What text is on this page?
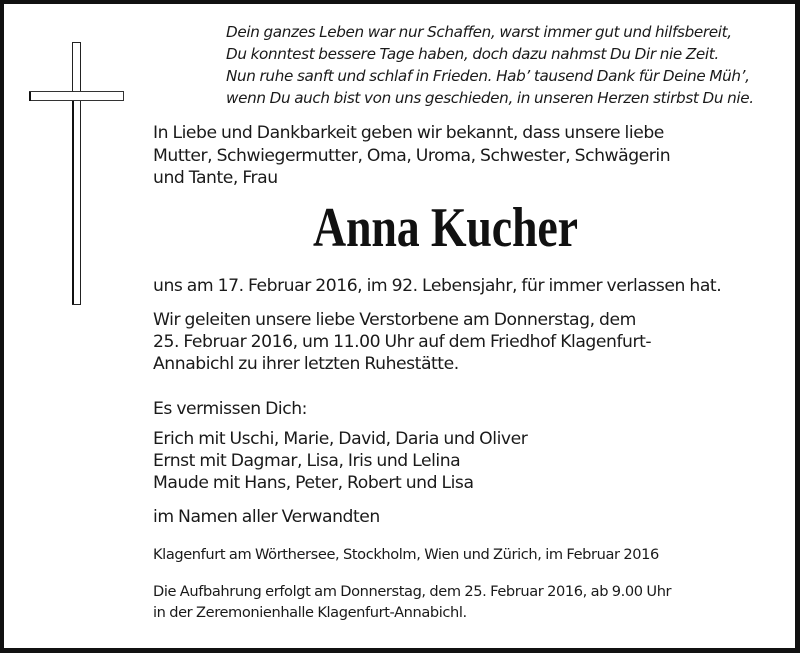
Dein ganzes Leben war nur Schaffen, warst immer gut und hilfsbereit,
Du konntest bessere Tage haben, doch dazu nahmst Du Dir nie Zeit.
Nun ruhe sanft und schlaf in Frieden. Hab’ tausend Dank für Deine Müh’,
wenn Du auch bist von uns geschieden, in unseren Herzen stirbst Du nie.
In Liebe und Dankbarkeit geben wir bekannt, dass unsere liebe
Mutter, Schwiegermutter, Oma, Uroma, Schwester, Schwägerin
und Tante, Frau
Anna Kucher
uns am 17. Februar 2016, im 92. Lebensjahr, für immer verlassen hat.
Wir geleiten unsere liebe Verstorbene am Donnerstag, dem
25. Februar 2016, um 11.00 Uhr auf dem Friedhof Klagenfurt-
Annabichl zu ihrer letzten Ruhestätte.
Es vermissen Dich:
Erich mit Uschi, Marie, David, Daria und Oliver
Ernst mit Dagmar, Lisa, Iris und Lelina
Maude mit Hans, Peter, Robert und Lisa
im Namen aller Verwandten
Klagenfurt am Wörthersee, Stockholm, Wien und Zürich, im Februar 2016
Die Aufbahrung erfolgt am Donnerstag, dem 25. Februar 2016, ab 9.00 Uhr
in der Zeremonienhalle Klagenfurt-Annabichl.
